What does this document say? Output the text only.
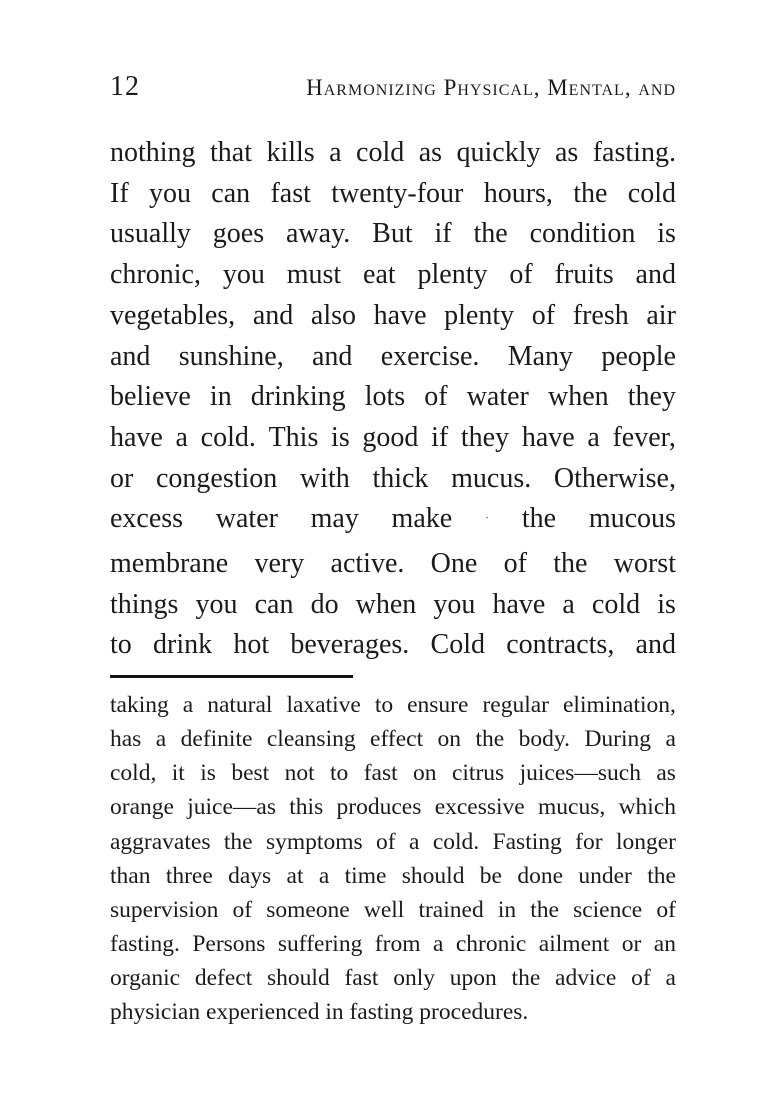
12	Harmonizing Physical, Mental, and
nothing that kills a cold as quickly as fasting.
If you can fast twenty-four hours, the cold
usually goes away. But if the condition is
chronic, you must eat plenty of fruits and
vegetables, and also have plenty of fresh air
and sunshine, and exercise. Many people
believe in drinking lots of water when they
have a cold. This is good if they have a fever,
or congestion with thick mucus. Otherwise,
excess water may make	· the mucous
membrane very active. One of the worst
things you can do when you have a cold is
to drink hot beverages. Cold contracts, and
taking a natural laxative to ensure regular elimination,
has a definite cleansing effect on the body. During a
cold, it is best not to fast on citrus juices—such as
orange juice—as this produces excessive mucus, which
aggravates the symptoms of a cold. Fasting for longer
than three days at a time should be done under the
supervision of someone well trained in the science of
fasting. Persons suffering from a chronic ailment or an
organic defect should fast only upon the advice of a
physician experienced in fasting procedures.
